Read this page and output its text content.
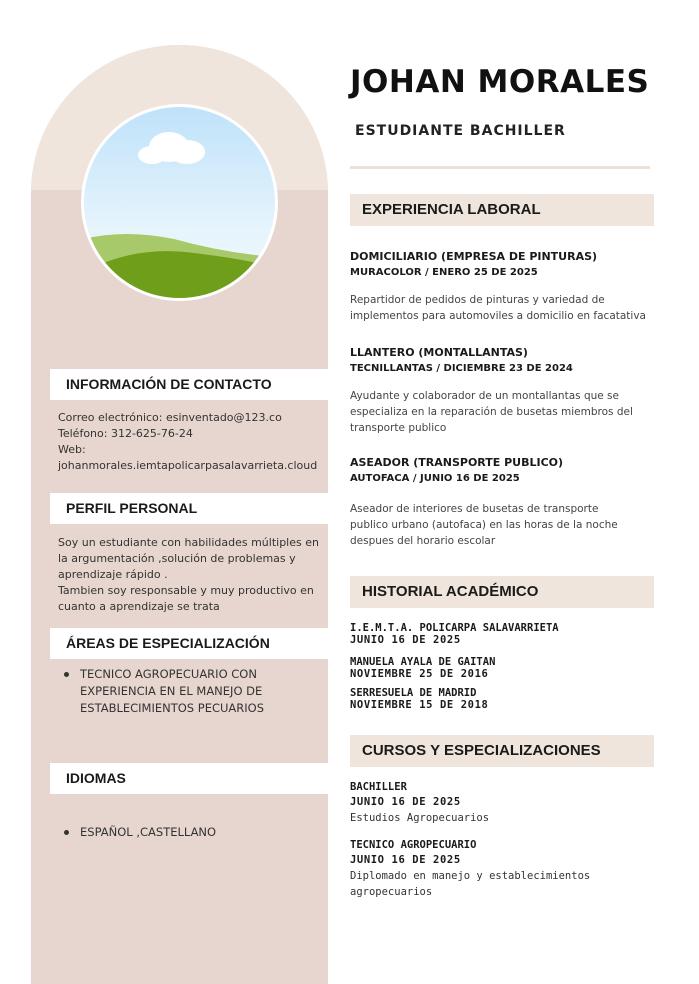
INFORMACIÓN DE CONTACTO
Correo electrónico: esinventado@123.co
Teléfono: 312-625-76-24
Web:
johanmorales.iemtapolicarpasalavarrieta.cloud
PERFIL PERSONAL
Soy un estudiante con habilidades múltiples en
la argumentación ,solución de problemas y
aprendizaje rápido .
Tambien soy responsable y muy productivo en
cuanto a aprendizaje se trata
ÁREAS DE ESPECIALIZACIÓN
TECNICO AGROPECUARIO CON
EXPERIENCIA EN EL MANEJO DE
ESTABLECIMIENTOS PECUARIOS
IDIOMAS
ESPAÑOL ,CASTELLANO
JOHAN MORALES
ESTUDIANTE BACHILLER
EXPERIENCIA LABORAL
DOMICILIARIO (EMPRESA DE PINTURAS)
MURACOLOR / ENERO 25 DE 2025
Repartidor de pedidos de pinturas y variedad de
implementos para automoviles a domicilio en facatativa
LLANTERO (MONTALLANTAS)
TECNILLANTAS / DICIEMBRE 23 DE 2024
Ayudante y colaborador de un montallantas que se
especializa en la reparación de busetas miembros del
transporte publico
ASEADOR (TRANSPORTE PUBLICO)
AUTOFACA / JUNIO 16 DE 2025
Aseador de interiores de busetas de transporte
publico urbano (autofaca) en las horas de la noche
despues del horario escolar
HISTORIAL ACADÉMICO
I.E.M.T.A. POLICARPA SALAVARRIETA
JUNIO 16 DE 2025
MANUELA AYALA DE GAITAN
NOVIEMBRE 25 DE 2016
SERRESUELA DE MADRID
NOVIEMBRE 15 DE 2018
CURSOS Y ESPECIALIZACIONES
BACHILLER
JUNIO 16 DE 2025
Estudios Agropecuarios
TECNICO AGROPECUARIO
JUNIO 16 DE 2025
Diplomado en manejo y establecimientos
agropecuarios
